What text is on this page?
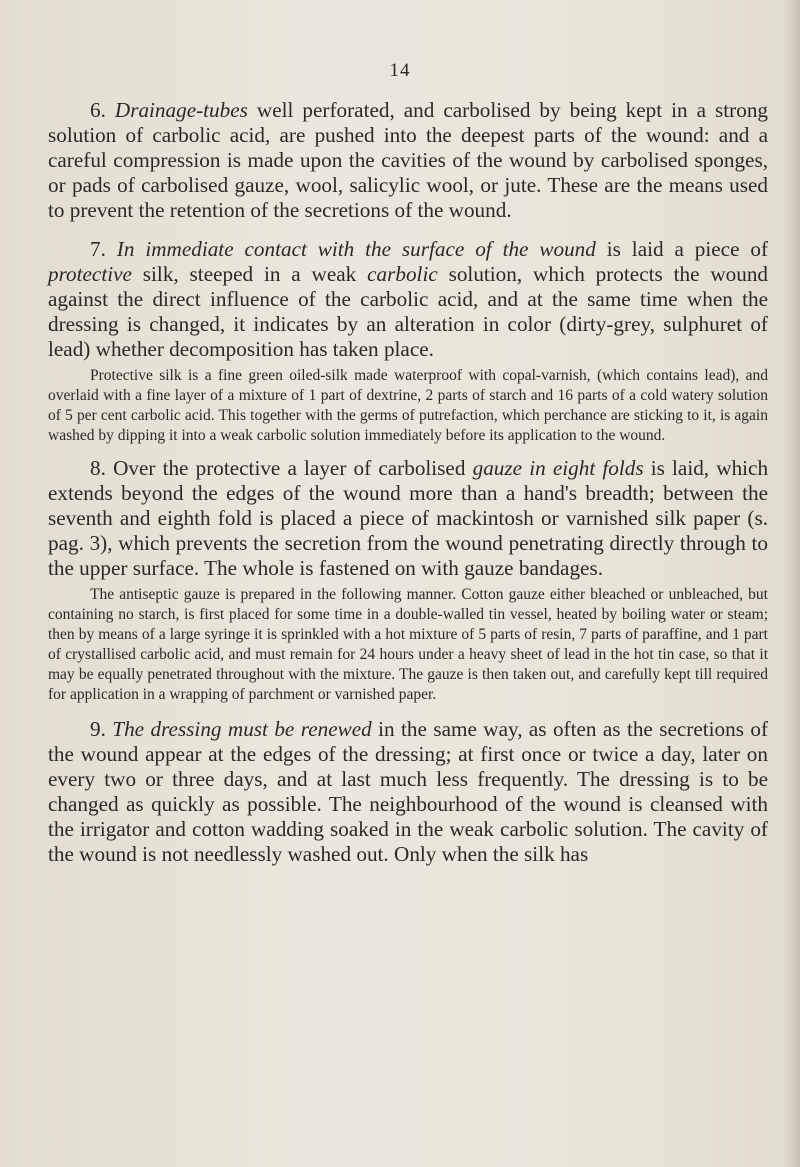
14

6. Drainage-tubes well perforated, and carbolised by being kept in a strong solution of carbolic acid, are pushed into the deepest parts of the wound: and a careful compression is made upon the cavities of the wound by carbolised sponges, or pads of carbolised gauze, wool, salicylic wool, or jute. These are the means used to prevent the retention of the secretions of the wound.

7. In immediate contact with the surface of the wound is laid a piece of protective silk, steeped in a weak carbolic solution, which protects the wound against the direct influence of the carbolic acid, and at the same time when the dressing is changed, it indicates by an alteration in color (dirty-grey, sulphuret of lead) whether decomposition has taken place.

Protective silk is a fine green oiled-silk made waterproof with copal-varnish, (which contains lead), and overlaid with a fine layer of a mixture of 1 part of dextrine, 2 parts of starch and 16 parts of a cold watery solution of 5 per cent carbolic acid. This together with the germs of putrefaction, which perchance are sticking to it, is again washed by dipping it into a weak carbolic solution immediately before its application to the wound.

8. Over the protective a layer of carbolised gauze in eight folds is laid, which extends beyond the edges of the wound more than a hand's breadth; between the seventh and eighth fold is placed a piece of mackintosh or varnished silk paper (s. pag. 3), which prevents the secretion from the wound penetrating directly through to the upper surface. The whole is fastened on with gauze bandages.

The antiseptic gauze is prepared in the following manner. Cotton gauze either bleached or unbleached, but containing no starch, is first placed for some time in a double-walled tin vessel, heated by boiling water or steam; then by means of a large syringe it is sprinkled with a hot mixture of 5 parts of resin, 7 parts of paraffine, and 1 part of crystallised carbolic acid, and must remain for 24 hours under a heavy sheet of lead in the hot tin case, so that it may be equally penetrated throughout with the mixture. The gauze is then taken out, and carefully kept till required for application in a wrapping of parchment or varnished paper.

9. The dressing must be renewed in the same way, as often as the secretions of the wound appear at the edges of the dressing; at first once or twice a day, later on every two or three days, and at last much less frequently. The dressing is to be changed as quickly as possible. The neighbourhood of the wound is cleansed with the irrigator and cotton wadding soaked in the weak carbolic solution. The cavity of the wound is not needlessly washed out. Only when the silk has
